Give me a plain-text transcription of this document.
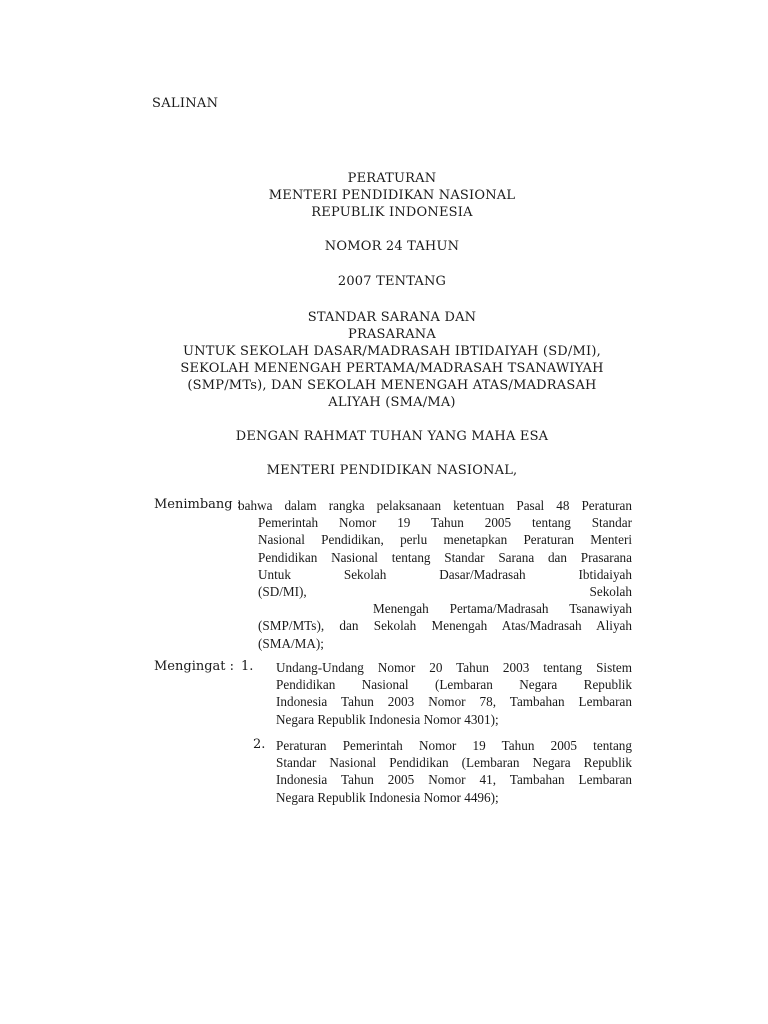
SALINAN
PERATURAN
MENTERI PENDIDIKAN NASIONAL
REPUBLIK INDONESIA
NOMOR 24 TAHUN
2007 TENTANG
STANDAR SARANA DAN
PRASARANA
UNTUK SEKOLAH DASAR/MADRASAH IBTIDAIYAH (SD/MI),
SEKOLAH MENENGAH PERTAMA/MADRASAH TSANAWIYAH
(SMP/MTs), DAN SEKOLAH MENENGAH ATAS/MADRASAH
ALIYAH (SMA/MA)
DENGAN RAHMAT TUHAN YANG MAHA ESA
MENTERI PENDIDIKAN NASIONAL,
Menimbang :
bahwa dalam rangka pelaksanaan ketentuan Pasal 48 Peraturan
Pemerintah Nomor 19 Tahun 2005 tentang Standar
Nasional Pendidikan, perlu menetapkan Peraturan Menteri
Pendidikan Nasional tentang Standar Sarana dan Prasarana
Untuk Sekolah Dasar/Madrasah Ibtidaiyah
(SD/MI), Sekolah
Menengah Pertama/Madrasah Tsanawiyah
(SMP/MTs), dan Sekolah Menengah Atas/Madrasah Aliyah
(SMA/MA);
Mengingat : 1. Undang-Undang Nomor 20 Tahun 2003 tentang Sistem
Pendidikan Nasional (Lembaran Negara Republik
Indonesia Tahun 2003 Nomor 78, Tambahan Lembaran
Negara Republik Indonesia Nomor 4301);
2. Peraturan Pemerintah Nomor 19 Tahun 2005 tentang
Standar Nasional Pendidikan (Lembaran Negara Republik
Indonesia Tahun 2005 Nomor 41, Tambahan Lembaran
Negara Republik Indonesia Nomor 4496);
